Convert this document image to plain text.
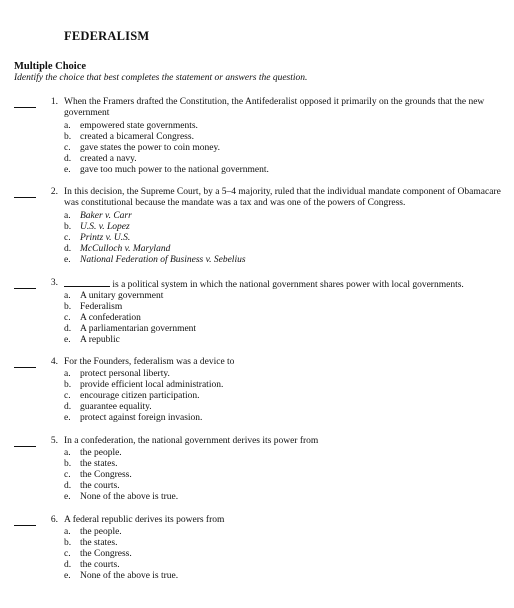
FEDERALISM
Multiple Choice
Identify the choice that best completes the statement or answers the question.
1. When the Framers drafted the Constitution, the Antifederalist opposed it primarily on the grounds that the new government
a. empowered state governments.
b. created a bicameral Congress.
c. gave states the power to coin money.
d. created a navy.
e. gave too much power to the national government.
2. In this decision, the Supreme Court, by a 5–4 majority, ruled that the individual mandate component of Obamacare was constitutional because the mandate was a tax and was one of the powers of Congress.
a. Baker v. Carr
b. U.S. v. Lopez
c. Printz v. U.S.
d. McCulloch v. Maryland
e. National Federation of Business v. Sebelius
3.	is a political system in which the national government shares power with local governments.
a. A unitary government
b. Federalism
c. A confederation
d. A parliamentarian government
e. A republic
4. For the Founders, federalism was a device to
a. protect personal liberty.
b. provide efficient local administration.
c. encourage citizen participation.
d. guarantee equality.
e. protect against foreign invasion.
5. In a confederation, the national government derives its power from
a. the people.
b. the states.
c. the Congress.
d. the courts.
e. None of the above is true.
6. A federal republic derives its powers from
a. the people.
b. the states.
c. the Congress.
d. the courts.
e. None of the above is true.
